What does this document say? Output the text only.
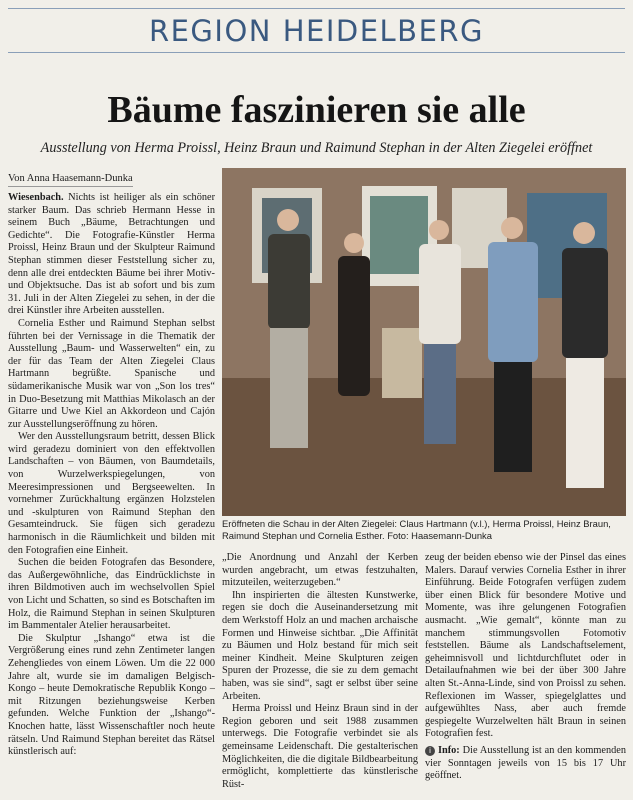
REGION HEIDELBERG
Bäume faszinieren sie alle
Ausstellung von Herma Proissl, Heinz Braun und Raimund Stephan in der Alten Ziegelei eröffnet
Von Anna Haasemann-Dunka

Wiesenbach. Nichts ist heiliger als ein schöner starker Baum. Das schrieb Hermann Hesse in seinem Buch „Bäume, Betrachtungen und Gedichte“. Die Fotografie-Künstler Herma Proissl, Heinz Braun und der Skulpteur Raimund Stephan stimmen dieser Feststellung sicher zu, denn alle drei entdeckten Bäume bei ihrer Motiv- und Objektsuche. Das ist ab sofort und bis zum 31. Juli in der Alten Ziegelei zu sehen, in der die drei Künstler ihre Arbeiten ausstellen.

Cornelia Esther und Raimund Stephan selbst führten bei der Vernissage in die Thematik der Ausstellung „Baum- und Wasserwelten“ ein, zu der für das Team der Alten Ziegelei Claus Hartmann begrüßte. Spanische und südamerikanische Musik war von „Son los tres“ in Duo-Besetzung mit Matthias Mikolasch an der Gitarre und Uwe Kiel an Akkordeon und Cajón zur Ausstellungseröffnung zu hören.

Wer den Ausstellungsraum betritt, dessen Blick wird geradezu dominiert von den effektvollen Landschaften – von Bäumen, von Baumdetails, von Wurzelwerkspiegelungen, von Meeresimpressionen und Bergseewelten. In vornehmer Zurückhaltung ergänzen Holzstelen und -skulpturen von Raimund Stephan den Gesamteindruck. Sie fügen sich geradezu harmonisch in die Räumlichkeit und bilden mit den Fotografien eine Einheit.

Suchen die beiden Fotografen das Besondere, das Außergewöhnliche, das Eindrücklichste in ihren Bildmotiven auch im wechselvollen Spiel von Licht und Schatten, so sind es Botschaften im Holz, die Raimund Stephan in seinen Skulpturen im Bammentaler Atelier herausarbeitet.

Die Skulptur „Ishango“ etwa ist die Vergrößerung eines rund zehn Zentimeter langen Zehengliedes von einem Löwen. Um die 22 000 Jahre alt, wurde sie im damaligen Belgisch-Kongo – heute Demokratische Republik Kongo – mit Ritzungen beziehungsweise Kerben gefunden. Welche Funktion der „Ishango“-Knochen hatte, lässt Wissenschaftler noch heute rätseln. Und Raimund Stephan bereitet das Rätsel künstlerisch auf:

Eröffneten die Schau in der Alten Ziegelei: Claus Hartmann (v.l.), Herma Proissl, Heinz Braun, Raimund Stephan und Cornelia Esther. Foto: Haasemann-Dunka

„Die Anordnung und Anzahl der Kerben wurden angebracht, um etwas festzuhalten, mitzuteilen, weiterzugeben.“

Ihn inspirierten die ältesten Kunstwerke, regen sie doch die Auseinandersetzung mit dem Werkstoff Holz an und machen archaische Formen und Hinweise sichtbar. „Die Affinität zu Bäumen und Holz bestand für mich seit meiner Kindheit. Meine Skulpturen zeigen Spuren der Prozesse, die sie zu dem gemacht haben, was sie sind“, sagt er selbst über seine Arbeiten.

Herma Proissl und Heinz Braun sind in der Region geboren und seit 1988 zusammen unterwegs. Die Fotografie verbindet sie als gemeinsame Leidenschaft. Die gestalterischen Möglichkeiten, die die digitale Bildbearbeitung ermöglicht, komplettierte das künstlerische Rüst-

zeug der beiden ebenso wie der Pinsel das eines Malers. Darauf verwies Cornelia Esther in ihrer Einführung. Beide Fotografen verfügen zudem über einen Blick für besondere Motive und Momente, was ihre gelungenen Fotografien ausmacht. „Wie gemalt“, könnte man zu manchem stimmungsvollen Fotomotiv feststellen. Bäume als Landschaftselement, geheimnisvoll und lichtdurchflutet oder in Detailaufnahmen wie bei der über 300 Jahre alten St.-Anna-Linde, sind von Proissl zu sehen. Reflexionen im Wasser, spiegelglattes und aufgewühltes Nass, aber auch fremde gespiegelte Wurzelwelten hält Braun in seinen Fotografien fest.

i Info: Die Ausstellung ist an den kommenden vier Sonntagen jeweils von 15 bis 17 Uhr geöffnet.
